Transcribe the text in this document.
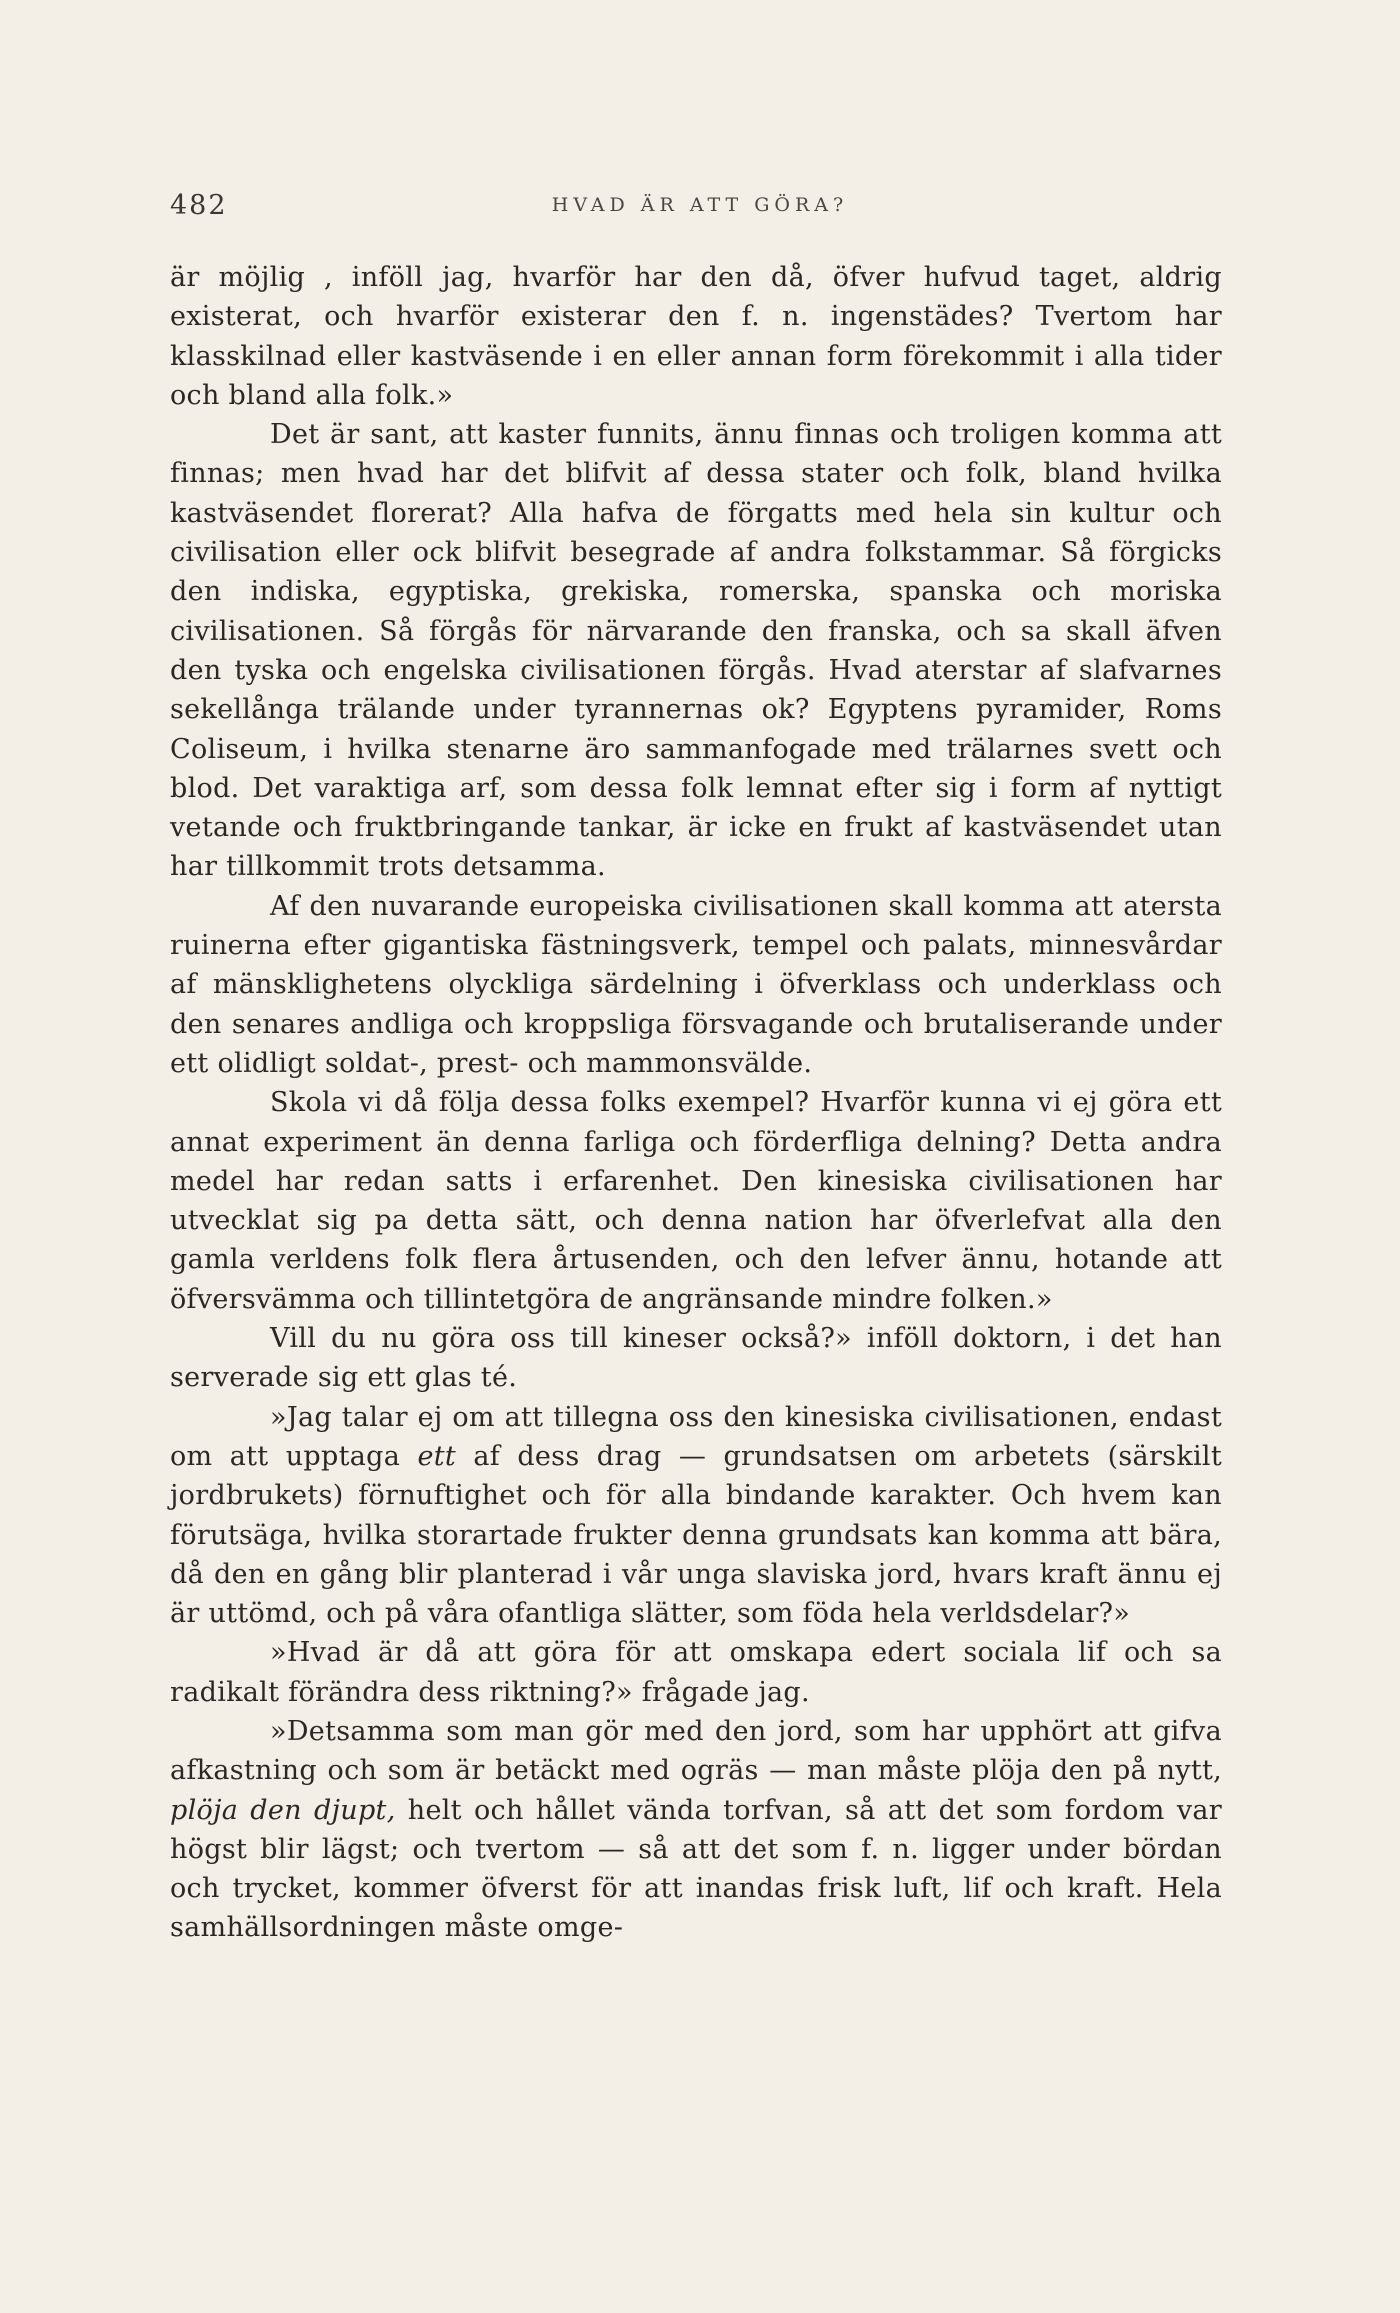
482	HVAD ÄR ATT GÖRA?

är möjlig , inföll jag, hvarför har den då, öfver hufvud taget, aldrig existerat, och hvarför existerar den f. n. ingenstädes? Tvertom har klasskilnad eller kastväsende i en eller annan form förekommit i alla tider och bland alla folk.»

Det är sant, att kaster funnits, ännu finnas och troligen komma att finnas; men hvad har det blifvit af dessa stater och folk, bland hvilka kastväsendet florerat? Alla hafva de förgatts med hela sin kultur och civilisation eller ock blifvit besegrade af andra folkstammar. Så förgicks den indiska, egyptiska, grekiska, romerska, spanska och moriska civilisationen. Så förgås för närvarande den franska, och sa skall äfven den tyska och engelska civilisationen förgås. Hvad aterstar af slafvarnes sekellånga trälande under tyrannernas ok? Egyptens pyramider, Roms Coliseum, i hvilka stenarne äro sammanfogade med trälarnes svett och blod. Det varaktiga arf, som dessa folk lemnat efter sig i form af nyttigt vetande och fruktbringande tankar, är icke en frukt af kastväsendet utan har tillkommit trots detsamma.

Af den nuvarande europeiska civilisationen skall komma att atersta ruinerna efter gigantiska fästningsverk, tempel och palats, minnesvårdar af mänsklighetens olyckliga särdelning i öfverklass och underklass och den senares andliga och kroppsliga försvagande och brutaliserande under ett olidligt soldat-, prest- och mammonsvälde.

Skola vi då följa dessa folks exempel? Hvarför kunna vi ej göra ett annat experiment än denna farliga och förderfliga delning? Detta andra medel har redan satts i erfarenhet. Den kinesiska civilisationen har utvecklat sig pa detta sätt, och denna nation har öfverlefvat alla den gamla verldens folk flera årtusenden, och den lefver ännu, hotande att öfversvämma och tillintetgöra de angränsande mindre folken.»

Vill du nu göra oss till kineser också?» inföll doktorn, i det han serverade sig ett glas té.

»Jag talar ej om att tillegna oss den kinesiska civilisationen, endast om att upptaga ett af dess drag — grundsatsen om arbetets (särskilt jordbrukets) förnuftighet och för alla bindande karakter. Och hvem kan förutsäga, hvilka storartade frukter denna grundsats kan komma att bära, då den en gång blir planterad i vår unga slaviska jord, hvars kraft ännu ej är uttömd, och på våra ofantliga slätter, som föda hela verldsdelar?»

»Hvad är då att göra för att omskapa edert sociala lif och sa radikalt förändra dess riktning?» frågade jag.

»Detsamma som man gör med den jord, som har upphört att gifva afkastning och som är betäckt med ogräs — man måste plöja den på nytt, plöja den djupt, helt och hållet vända torfvan, så att det som fordom var högst blir lägst; och tvertom — så att det som f. n. ligger under bördan och trycket, kommer öfverst för att inandas frisk luft, lif och kraft. Hela samhällsordningen måste omge-
